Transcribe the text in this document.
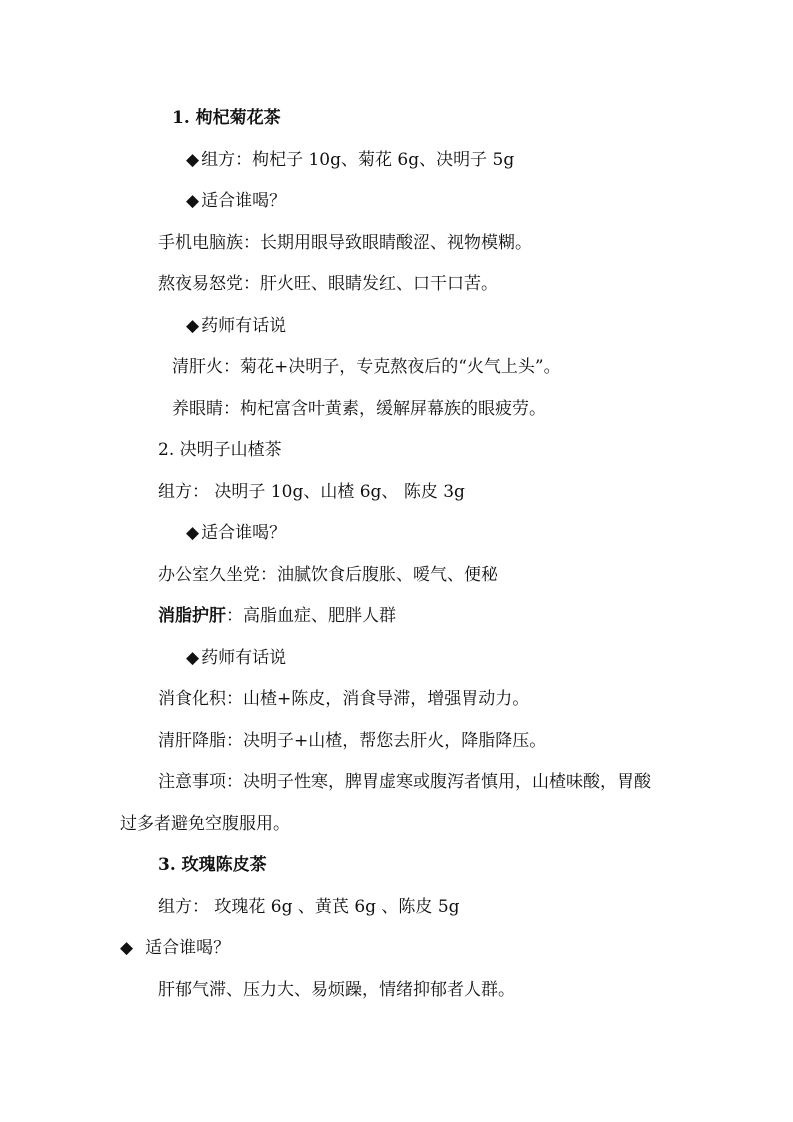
1. 枸杞菊花茶
◆ 组方：枸杞子 10g、菊花 6g、决明子 5g
◆ 适合谁喝？
手机电脑族：长期用眼导致眼睛酸涩、视物模糊。
熬夜易怒党：肝火旺、眼睛发红、口干口苦。
◆ 药师有话说
清肝火：菊花+决明子，专克熬夜后的“火气上头”。
养眼睛：枸杞富含叶黄素，缓解屏幕族的眼疲劳。
2. 决明子山楂茶
组方： 决明子 10g、山楂 6g、 陈皮 3g
◆ 适合谁喝？
办公室久坐党：油腻饮食后腹胀、嗳气、便秘
消脂护肝：高脂血症、肥胖人群
◆ 药师有话说
消食化积：山楂+陈皮，消食导滞，增强胃动力。
清肝降脂：决明子+山楂，帮您去肝火，降脂降压。
注意事项：决明子性寒，脾胃虚寒或腹泻者慎用，山楂味酸，胃酸
过多者避免空腹服用。
3. 玫瑰陈皮茶
组方： 玫瑰花 6g 、黄芪 6g 、陈皮 5g
◆ 适合谁喝？
肝郁气滞、压力大、易烦躁，情绪抑郁者人群。
